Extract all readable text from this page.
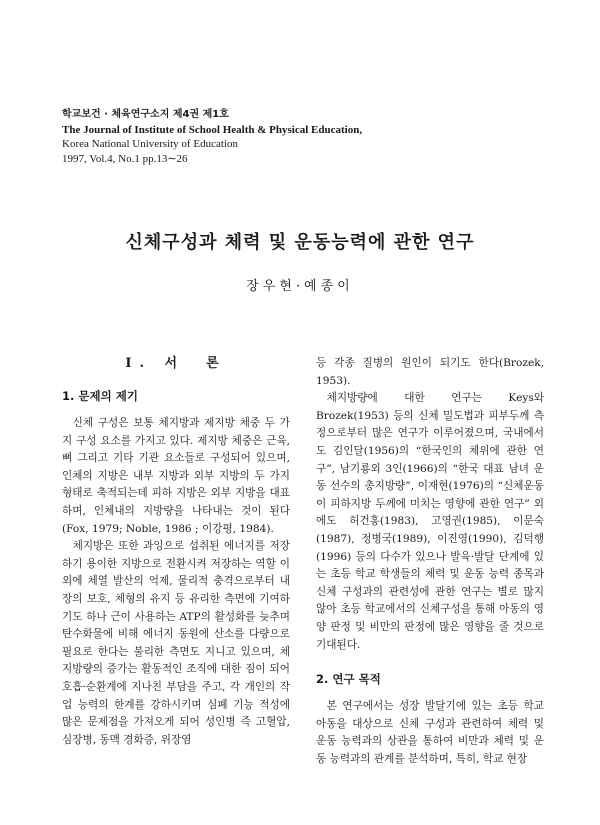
학교보건 · 체육연구소지 제4권 제1호
The Journal of Institute of School Health & Physical Education,
Korea National University of Education
1997, Vol.4, No.1 pp.13∼26
신체구성과 체력 및 운동능력에 관한 연구
장우현·예종이
Ⅰ. 서　론
1. 문제의 제기

신체 구성은 보통 체지방과 제지방 체중 두 가지 구성 요소를 가지고 있다. 제지방 체중은 근육, 뼈 그리고 기타 기관 요소들로 구성되어 있으며, 인체의 지방은 내부 지방과 외부 지방의 두 가지 형태로 축적되는데 피하 지방은 외부 지방을 대표하며, 인체내의 지방량을 나타내는 것이 된다(Fox, 1979; Noble, 1986 ; 이강평, 1984).

체지방은 또한 과잉으로 섭취된 에너지를 저장하기 용이한 지방으로 전환시켜 저장하는 역할 이외에 체열 발산의 억제, 물리적 충격으로부터 내장의 보호, 체형의 유지 등 유리한 측면에 기여하기도 하나 근이 사용하는 ATP의 활성화를 늦추며 탄수화물에 비해 에너지 동원에 산소를 다량으로 필요로 한다는 불리한 측면도 지니고 있으며, 체지방량의 증가는 활동적인 조직에 대한 짐이 되어 호흡·순환계에 지나친 부담을 주고, 각 개인의 작업 능력의 한계를 강하시키며 심폐 기능 적성에 많은 문제점을 가져오게 되어 성인병 즉 고혈압, 심장병, 동맥 경화증, 위장염

등 각종 질병의 원인이 되기도 한다(Brozek, 1953).

체지방량에 대한 연구는 Keys와 Brozek(1953) 등의 신체 밀도법과 피부두께 측정으로부터 많은 연구가 이루어졌으며, 국내에서도 김인달(1956)의 “한국인의 체위에 관한 연구”, 남기룡외 3인(1966)의 “한국 대표 남녀 운동 선수의 총지방량”, 이재현(1976)의 “신체운동이 피하지방 두께에 미치는 영향에 관한 연구” 외에도 허건홍(1983), 고영권(1985), 이문숙(1987), 정병국(1989), 이진영(1990), 김덕행(1996) 등의 다수가 있으나 발육·발달 단계에 있는 초등 학교 학생들의 체력 및 운동 능력 종목과 신체 구성과의 관련성에 관한 연구는 별로 많지 않아 초등 학교에서의 신체구성을 통해 아동의 영양 판정 및 비만의 판정에 많은 영향을 줄 것으로 기대된다.

2. 연구 목적

본 연구에서는 성장 발달기에 있는 초등 학교 아동을 대상으로 신체 구성과 관련하여 체력 및 운동 능력과의 상관을 통하여 비만과 체력 및 운동 능력과의 관계를 분석하며, 특히, 학교 현장
